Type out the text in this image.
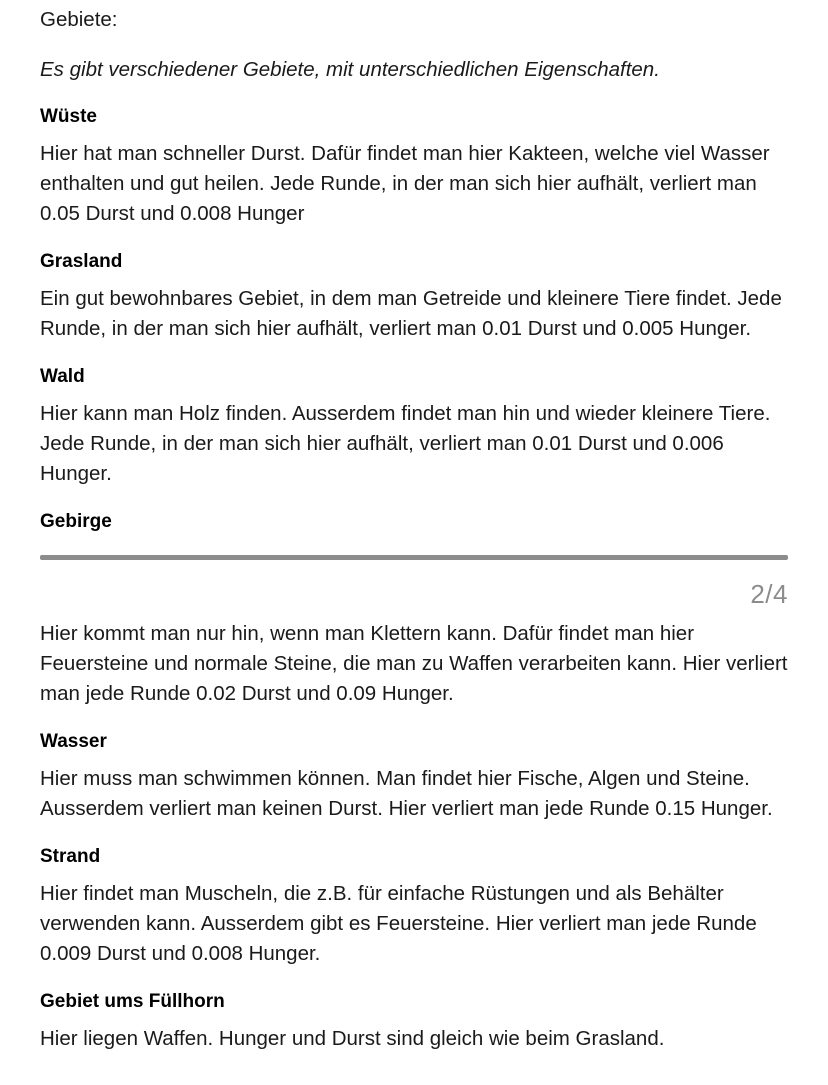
Gebiete:

Es gibt verschiedener Gebiete, mit unterschiedlichen Eigenschaften.

Wüste

Hier hat man schneller Durst. Dafür findet man hier Kakteen, welche viel Wasser enthalten und gut heilen. Jede Runde, in der man sich hier aufhält, verliert man 0.05 Durst und 0.008 Hunger

Grasland

Ein gut bewohnbares Gebiet, in dem man Getreide und kleinere Tiere findet. Jede Runde, in der man sich hier aufhält, verliert man 0.01 Durst und 0.005 Hunger.

Wald

Hier kann man Holz finden. Ausserdem findet man hin und wieder kleinere Tiere. Jede Runde, in der man sich hier aufhält, verliert man 0.01 Durst und 0.006 Hunger.

Gebirge
2/4

Hier kommt man nur hin, wenn man Klettern kann. Dafür findet man hier Feuersteine und normale Steine, die man zu Waffen verarbeiten kann. Hier verliert man jede Runde 0.02 Durst und 0.09 Hunger.

Wasser

Hier muss man schwimmen können. Man findet hier Fische, Algen und Steine. Ausserdem verliert man keinen Durst. Hier verliert man jede Runde 0.15 Hunger.

Strand

Hier findet man Muscheln, die z.B. für einfache Rüstungen und als Behälter verwenden kann. Ausserdem gibt es Feuersteine. Hier verliert man jede Runde 0.009 Durst und 0.008 Hunger.

Gebiet ums Füllhorn

Hier liegen Waffen. Hunger und Durst sind gleich wie beim Grasland.
